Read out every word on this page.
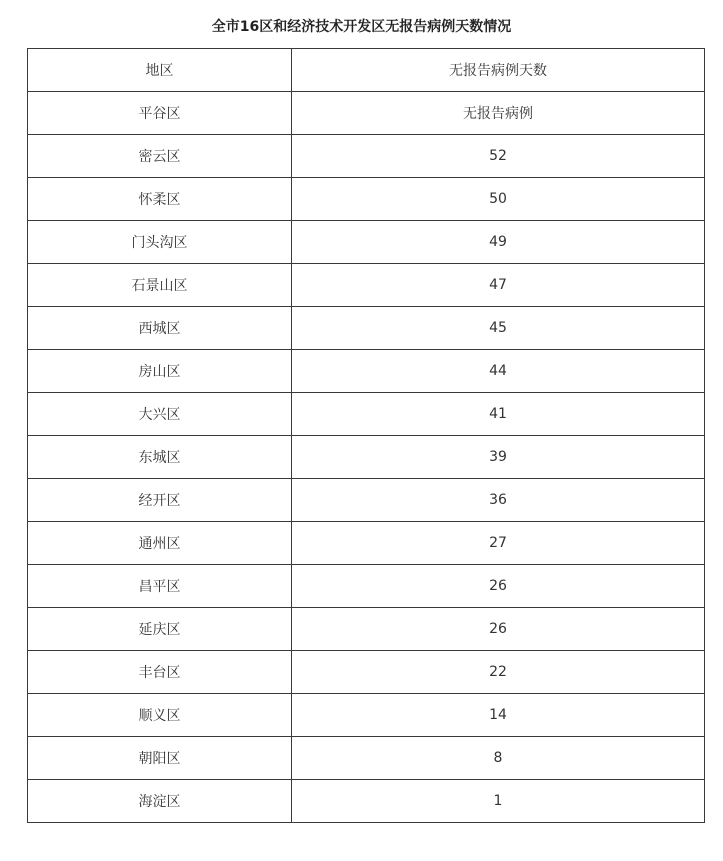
全市16区和经济技术开发区无报告病例天数情况
地区	无报告病例天数
平谷区	无报告病例
密云区	52
怀柔区	50
门头沟区	49
石景山区	47
西城区	45
房山区	44
大兴区	41
东城区	39
经开区	36
通州区	27
昌平区	26
延庆区	26
丰台区	22
顺义区	14
朝阳区	8
海淀区	1
